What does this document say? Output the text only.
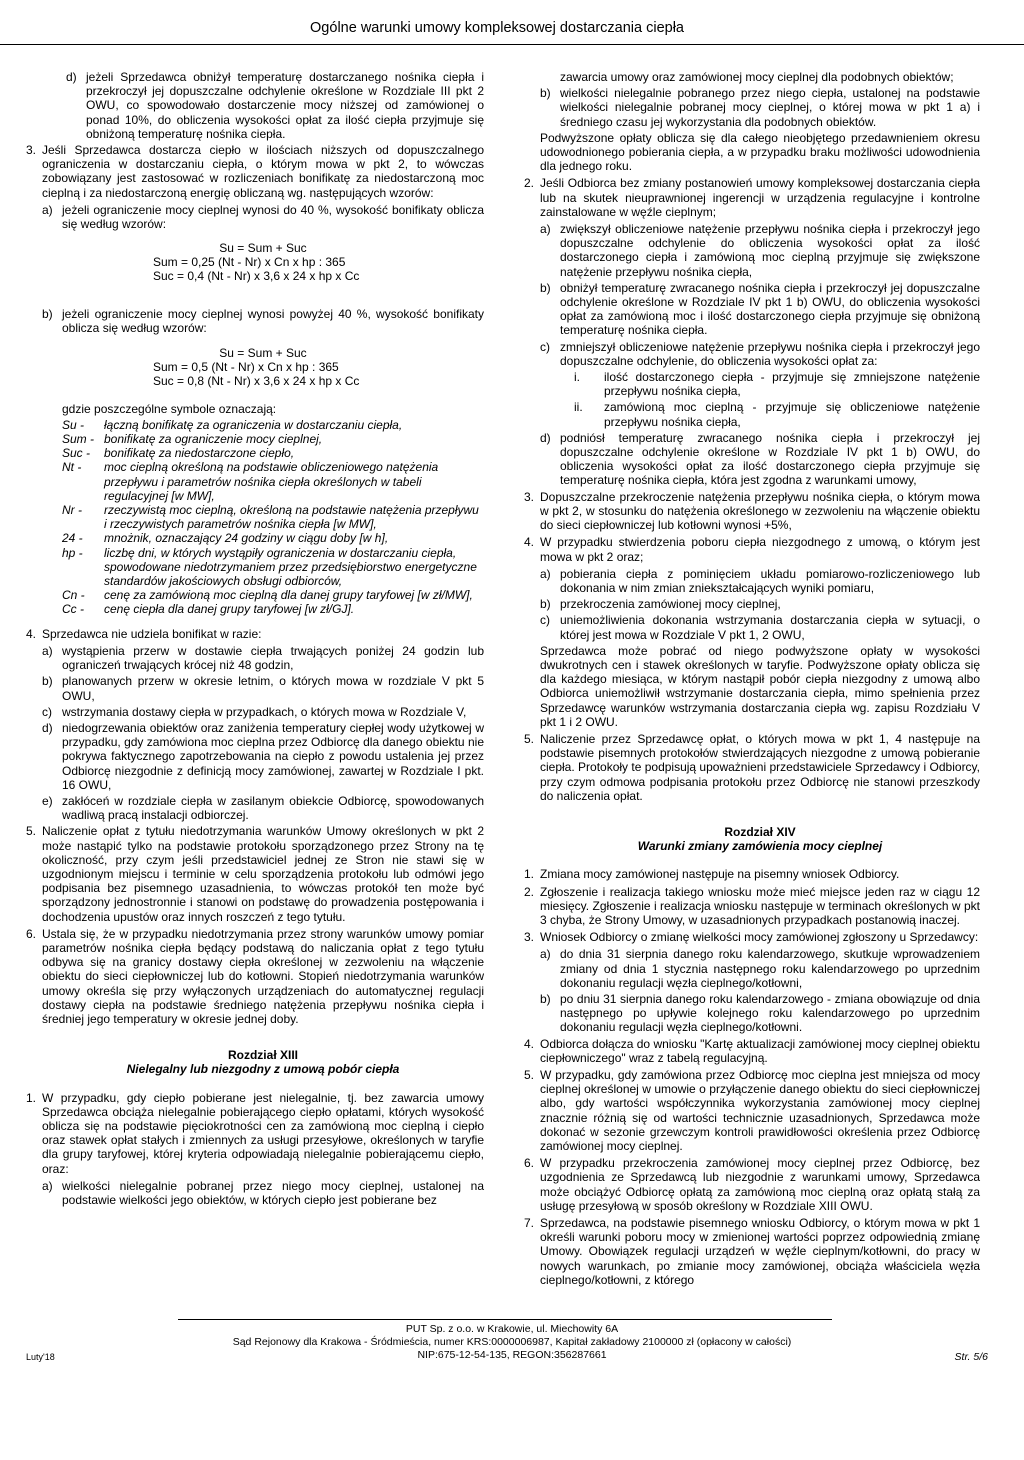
Ogólne warunki umowy kompleksowej dostarczania ciepła
d) jeżeli Sprzedawca obniżył temperaturę dostarczanego nośnika ciepła i przekroczył jej dopuszczalne odchylenie określone w Rozdziale III pkt 2 OWU, co spowodowało dostarczenie mocy niższej od zamówionej o ponad 10%, do obliczenia wysokości opłat za ilość ciepła przyjmuje się obniżoną temperaturę nośnika ciepła.
3. Jeśli Sprzedawca dostarcza ciepło w ilościach niższych od dopuszczalnego ograniczenia w dostarczaniu ciepła, o którym mowa w pkt 2, to wówczas zobowiązany jest zastosować w rozliczeniach bonifikatę za niedostarczoną moc cieplną i za niedostarczoną energię obliczaną wg. następujących wzorów:
a) jeżeli ograniczenie mocy cieplnej wynosi do 40 %, wysokość bonifikaty oblicza się według wzorów:
Su = Sum + Suc
Sum = 0,25 (Nt - Nr) x Cn x hp : 365
Suc = 0,4 (Nt - Nr) x 3,6 x 24 x hp x Cc
b) jeżeli ograniczenie mocy cieplnej wynosi powyżej 40 %, wysokość bonifikaty oblicza się według wzorów:
Su = Sum + Suc
Sum = 0,5 (Nt - Nr) x Cn x hp : 365
Suc = 0,8 (Nt - Nr) x 3,6 x 24 x hp x Cc
gdzie poszczególne symbole oznaczają:
Su -	łączną bonifikatę za ograniczenia w dostarczaniu ciepła,
Sum - bonifikatę za ograniczenie mocy cieplnej,
Suc -	bonifikatę za niedostarczone ciepło,
Nt -	moc cieplną określoną na podstawie obliczeniowego natężenia przepływu i parametrów nośnika ciepła określonych w tabeli regulacyjnej [w MW],
Nr -	rzeczywistą moc cieplną, określoną na podstawie natężenia przepływu i rzeczywistych parametrów nośnika ciepła [w MW],
24 -	mnożnik, oznaczający 24 godziny w ciągu doby [w h],
hp -	liczbę dni, w których wystąpiły ograniczenia w dostarczaniu ciepła, spowodowane niedotrzymaniem przez przedsiębiorstwo energetyczne standardów jakościowych obsługi odbiorców,
Cn -	cenę za zamówioną moc cieplną dla danej grupy taryfowej [w zł/MW],
Cc -	cenę ciepła dla danej grupy taryfowej [w zł/GJ].
4. Sprzedawca nie udziela bonifikat w razie:
a) wystąpienia przerw w dostawie ciepła trwających poniżej 24 godzin lub ograniczeń trwających krócej niż 48 godzin,
b) planowanych przerw w okresie letnim, o których mowa w rozdziale V pkt 5 OWU,
c) wstrzymania dostawy ciepła w przypadkach, o których mowa w Rozdziale V,
d) niedogrzewania obiektów oraz zaniżenia temperatury ciepłej wody użytkowej w przypadku, gdy zamówiona moc cieplna przez Odbiorcę dla danego obiektu nie pokrywa faktycznego zapotrzebowania na ciepło z powodu ustalenia jej przez Odbiorcę niezgodnie z definicją mocy zamówionej, zawartej w Rozdziale I pkt. 16 OWU,
e) zakłóceń w rozdziale ciepła w zasilanym obiekcie Odbiorcę, spowodowanych wadliwą pracą instalacji odbiorczej.
5. Naliczenie opłat z tytułu niedotrzymania warunków Umowy określonych w pkt 2 może nastąpić tylko na podstawie protokołu sporządzonego przez Strony na tę okoliczność, przy czym jeśli przedstawiciel jednej ze Stron nie stawi się w uzgodnionym miejscu i terminie w celu sporządzenia protokołu lub odmówi jego podpisania bez pisemnego uzasadnienia, to wówczas protokół ten może być sporządzony jednostronnie i stanowi on podstawę do prowadzenia postępowania i dochodzenia upustów oraz innych roszczeń z tego tytułu.
6. Ustala się, że w przypadku niedotrzymania przez strony warunków umowy pomiar parametrów nośnika ciepła będący podstawą do naliczania opłat z tego tytułu odbywa się na granicy dostawy ciepła określonej w zezwoleniu na włączenie obiektu do sieci ciepłowniczej lub do kotłowni. Stopień niedotrzymania warunków umowy określa się przy wyłączonych urządzeniach do automatycznej regulacji dostawy ciepła na podstawie średniego natężenia przepływu nośnika ciepła i średniej jego temperatury w okresie jednej doby.
Rozdział XIII
Nielegalny lub niezgodny z umową pobór ciepła
1. W przypadku, gdy ciepło pobierane jest nielegalnie, tj. bez zawarcia umowy Sprzedawca obciąża nielegalnie pobierającego ciepło opłatami, których wysokość oblicza się na podstawie pięciokrotności cen za zamówioną moc cieplną i ciepło oraz stawek opłat stałych i zmiennych za usługi przesyłowe, określonych w taryfie dla grupy taryfowej, której kryteria odpowiadają nielegalnie pobierającemu ciepło, oraz:
a) wielkości nielegalnie pobranej przez niego mocy cieplnej, ustalonej na podstawie wielkości jego obiektów, w których ciepło jest pobierane bez
zawarcia umowy oraz zamówionej mocy cieplnej dla podobnych obiektów;
b) wielkości nielegalnie pobranego przez niego ciepła, ustalonej na podstawie wielkości nielegalnie pobranej mocy cieplnej, o której mowa w pkt 1 a) i średniego czasu jej wykorzystania dla podobnych obiektów.
Podwyższone opłaty oblicza się dla całego nieobjętego przedawnieniem okresu udowodnionego pobierania ciepła, a w przypadku braku możliwości udowodnienia dla jednego roku.
2. Jeśli Odbiorca bez zmiany postanowień umowy kompleksowej dostarczania ciepła lub na skutek nieuprawnionej ingerencji w urządzenia regulacyjne i kontrolne zainstalowane w węźle cieplnym;
a) zwiększył obliczeniowe natężenie przepływu nośnika ciepła i przekroczył jego dopuszczalne odchylenie do obliczenia wysokości opłat za ilość dostarczonego ciepła i zamówioną moc cieplną przyjmuje się zwiększone natężenie przepływu nośnika ciepła,
b) obniżył temperaturę zwracanego nośnika ciepła i przekroczył jej dopuszczalne odchylenie określone w Rozdziale IV pkt 1 b) OWU, do obliczenia wysokości opłat za zamówioną moc i ilość dostarczonego ciepła przyjmuje się obniżoną temperaturę nośnika ciepła.
c) zmniejszył obliczeniowe natężenie przepływu nośnika ciepła i przekroczył jego dopuszczalne odchylenie, do obliczenia wysokości opłat za:
i. ilość dostarczonego ciepła - przyjmuje się zmniejszone natężenie przepływu nośnika ciepła,
ii. zamówioną moc cieplną - przyjmuje się obliczeniowe natężenie przepływu nośnika ciepła,
d) podniósł temperaturę zwracanego nośnika ciepła i przekroczył jej dopuszczalne odchylenie określone w Rozdziale IV pkt 1 b) OWU, do obliczenia wysokości opłat za ilość dostarczonego ciepła przyjmuje się temperaturę nośnika ciepła, która jest zgodna z warunkami umowy,
3. Dopuszczalne przekroczenie natężenia przepływu nośnika ciepła, o którym mowa w pkt 2, w stosunku do natężenia określonego w zezwoleniu na włączenie obiektu do sieci ciepłowniczej lub kotłowni wynosi +5%,
4. W przypadku stwierdzenia poboru ciepła niezgodnego z umową, o którym jest mowa w pkt 2 oraz;
a) pobierania ciepła z pominięciem układu pomiarowo-rozliczeniowego lub dokonania w nim zmian zniekształcających wyniki pomiaru,
b) przekroczenia zamówionej mocy cieplnej,
c) uniemożliwienia dokonania wstrzymania dostarczania ciepła w sytuacji, o której jest mowa w Rozdziale V pkt 1, 2 OWU,
Sprzedawca może pobrać od niego podwyższone opłaty w wysokości dwukrotnych cen i stawek określonych w taryfie. Podwyższone opłaty oblicza się dla każdego miesiąca, w którym nastąpił pobór ciepła niezgodny z umową albo Odbiorca uniemożliwił wstrzymanie dostarczania ciepła, mimo spełnienia przez Sprzedawcę warunków wstrzymania dostarczania ciepła wg. zapisu Rozdziału V pkt 1 i 2 OWU.
5. Naliczenie przez Sprzedawcę opłat, o których mowa w pkt 1, 4 następuje na podstawie pisemnych protokołów stwierdzających niezgodne z umową pobieranie ciepła. Protokoły te podpisują upoważnieni przedstawiciele Sprzedawcy i Odbiorcy, przy czym odmowa podpisania protokołu przez Odbiorcę nie stanowi przeszkody do naliczenia opłat.
Rozdział XIV
Warunki zmiany zamówienia mocy cieplnej
1. Zmiana mocy zamówionej następuje na pisemny wniosek Odbiorcy.
2. Zgłoszenie i realizacja takiego wniosku może mieć miejsce jeden raz w ciągu 12 miesięcy. Zgłoszenie i realizacja wniosku następuje w terminach określonych w pkt 3 chyba, że Strony Umowy, w uzasadnionych przypadkach postanowią inaczej.
3. Wniosek Odbiorcy o zmianę wielkości mocy zamówionej zgłoszony u Sprzedawcy:
a) do dnia 31 sierpnia danego roku kalendarzowego, skutkuje wprowadzeniem zmiany od dnia 1 stycznia następnego roku kalendarzowego po uprzednim dokonaniu regulacji węzła cieplnego/kotłowni,
b) po dniu 31 sierpnia danego roku kalendarzowego - zmiana obowiązuje od dnia następnego po upływie kolejnego roku kalendarzowego po uprzednim dokonaniu regulacji węzła cieplnego/kotłowni.
4. Odbiorca dołącza do wniosku "Kartę aktualizacji zamówionej mocy cieplnej obiektu ciepłowniczego" wraz z tabelą regulacyjną.
5. W przypadku, gdy zamówiona przez Odbiorcę moc cieplna jest mniejsza od mocy cieplnej określonej w umowie o przyłączenie danego obiektu do sieci ciepłowniczej albo, gdy wartości współczynnika wykorzystania zamówionej mocy cieplnej znacznie różnią się od wartości technicznie uzasadnionych, Sprzedawca może dokonać w sezonie grzewczym kontroli prawidłowości określenia przez Odbiorcę zamówionej mocy cieplnej.
6. W przypadku przekroczenia zamówionej mocy cieplnej przez Odbiorcę, bez uzgodnienia ze Sprzedawcą lub niezgodnie z warunkami umowy, Sprzedawca może obciążyć Odbiorcę opłatą za zamówioną moc cieplną oraz opłatą stałą za usługę przesyłową w sposób określony w Rozdziale XIII OWU.
7. Sprzedawca, na podstawie pisemnego wniosku Odbiorcy, o którym mowa w pkt 1 określi warunki poboru mocy w zmienionej wartości poprzez odpowiednią zmianę Umowy. Obowiązek regulacji urządzeń w węźle cieplnym/kotłowni, do pracy w nowych warunkach, po zmianie mocy zamówionej, obciąża właściciela węzła cieplnego/kotłowni, z którego
PUT Sp. z o.o. w Krakowie, ul. Miechowity 6A
Sąd Rejonowy dla Krakowa - Śródmieścia, numer KRS:0000006987, Kapitał zakładowy 2100000 zł (opłacony w całości)
NIP:675-12-54-135, REGON:356287661
Luty'18	Str. 5/6
